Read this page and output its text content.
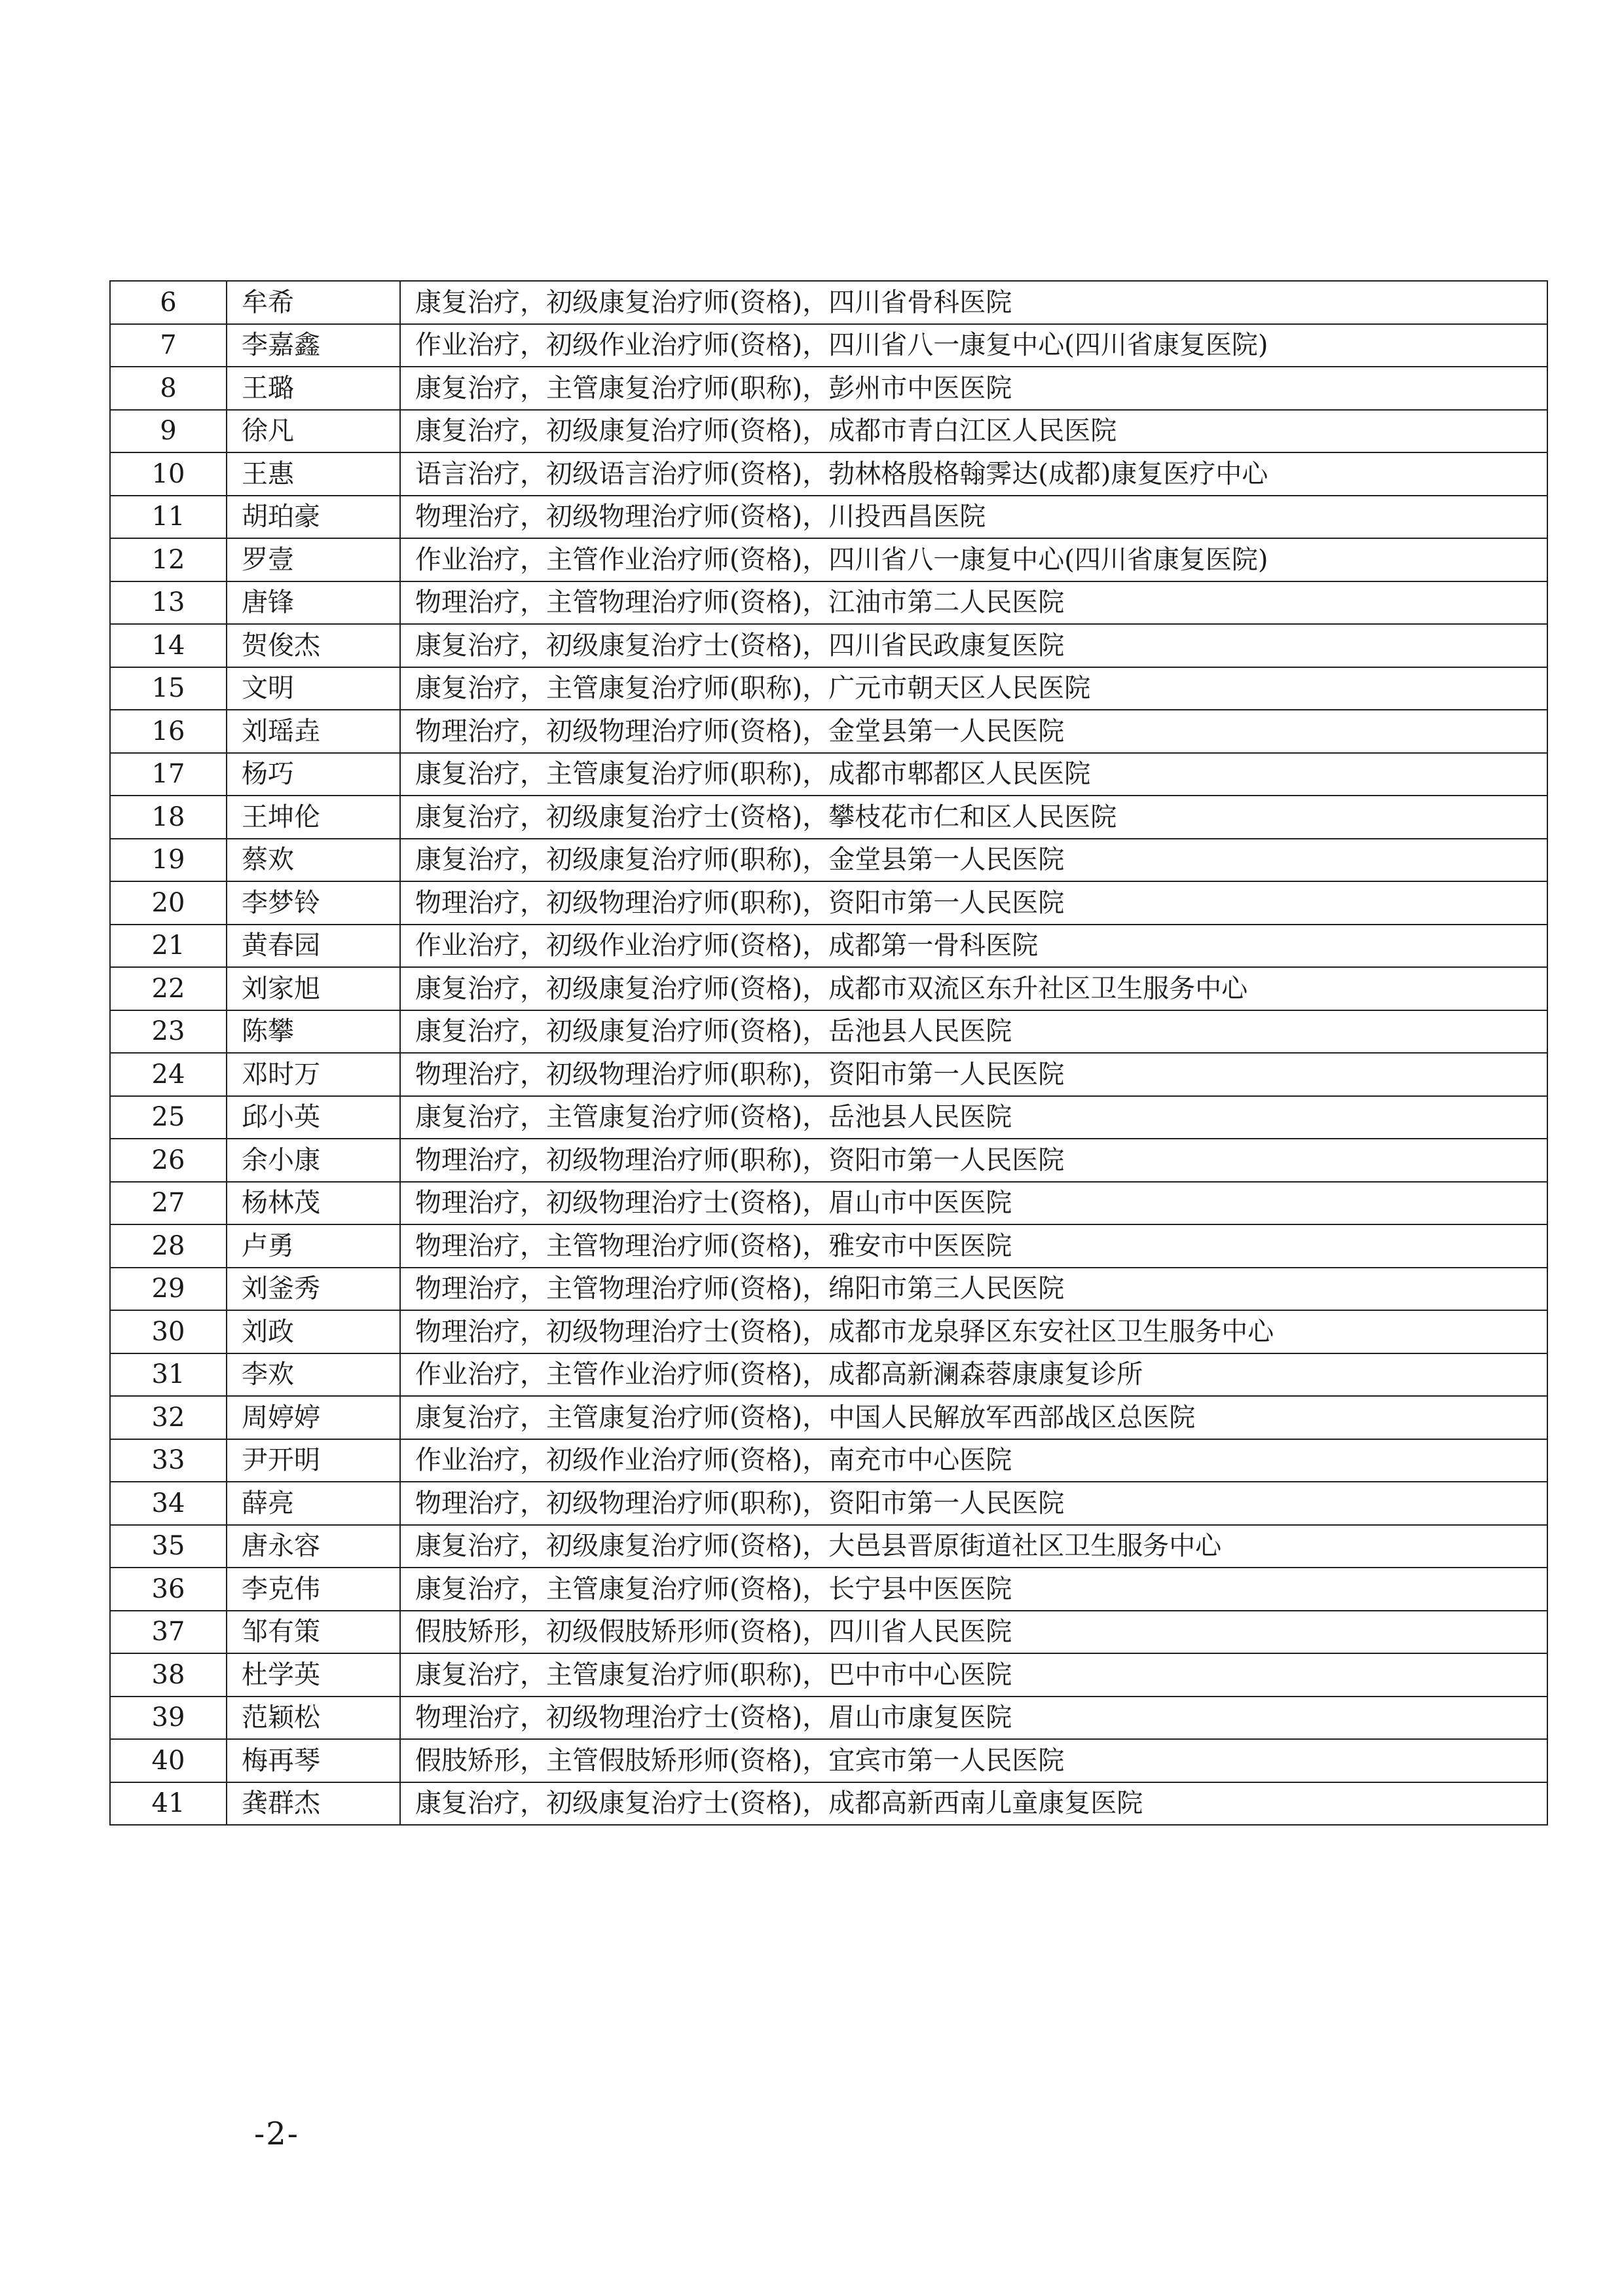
6	牟希	康复治疗，初级康复治疗师(资格)，四川省骨科医院
7	李嘉鑫	作业治疗，初级作业治疗师(资格)，四川省八一康复中心(四川省康复医院)
8	王璐	康复治疗，主管康复治疗师(职称)，彭州市中医医院
9	徐凡	康复治疗，初级康复治疗师(资格)，成都市青白江区人民医院
10	王惠	语言治疗，初级语言治疗师(资格)，勃林格殷格翰霁达(成都)康复医疗中心
11	胡珀豪	物理治疗，初级物理治疗师(资格)，川投西昌医院
12	罗壹	作业治疗，主管作业治疗师(资格)，四川省八一康复中心(四川省康复医院)
13	唐锋	物理治疗，主管物理治疗师(资格)，江油市第二人民医院
14	贺俊杰	康复治疗，初级康复治疗士(资格)，四川省民政康复医院
15	文明	康复治疗，主管康复治疗师(职称)，广元市朝天区人民医院
16	刘瑶垚	物理治疗，初级物理治疗师(资格)，金堂县第一人民医院
17	杨巧	康复治疗，主管康复治疗师(职称)，成都市郫都区人民医院
18	王坤伦	康复治疗，初级康复治疗士(资格)，攀枝花市仁和区人民医院
19	蔡欢	康复治疗，初级康复治疗师(职称)，金堂县第一人民医院
20	李梦铃	物理治疗，初级物理治疗师(职称)，资阳市第一人民医院
21	黄春园	作业治疗，初级作业治疗师(资格)，成都第一骨科医院
22	刘家旭	康复治疗，初级康复治疗师(资格)，成都市双流区东升社区卫生服务中心
23	陈攀	康复治疗，初级康复治疗师(资格)，岳池县人民医院
24	邓时万	物理治疗，初级物理治疗师(职称)，资阳市第一人民医院
25	邱小英	康复治疗，主管康复治疗师(资格)，岳池县人民医院
26	余小康	物理治疗，初级物理治疗师(职称)，资阳市第一人民医院
27	杨林茂	物理治疗，初级物理治疗士(资格)，眉山市中医医院
28	卢勇	物理治疗，主管物理治疗师(资格)，雅安市中医医院
29	刘釜秀	物理治疗，主管物理治疗师(资格)，绵阳市第三人民医院
30	刘政	物理治疗，初级物理治疗士(资格)，成都市龙泉驿区东安社区卫生服务中心
31	李欢	作业治疗，主管作业治疗师(资格)，成都高新澜森蓉康康复诊所
32	周婷婷	康复治疗，主管康复治疗师(资格)，中国人民解放军西部战区总医院
33	尹开明	作业治疗，初级作业治疗师(资格)，南充市中心医院
34	薛亮	物理治疗，初级物理治疗师(职称)，资阳市第一人民医院
35	唐永容	康复治疗，初级康复治疗师(资格)，大邑县晋原街道社区卫生服务中心
36	李克伟	康复治疗，主管康复治疗师(资格)，长宁县中医医院
37	邹有策	假肢矫形，初级假肢矫形师(资格)，四川省人民医院
38	杜学英	康复治疗，主管康复治疗师(职称)，巴中市中心医院
39	范颖松	物理治疗，初级物理治疗士(资格)，眉山市康复医院
40	梅再琴	假肢矫形，主管假肢矫形师(资格)，宜宾市第一人民医院
41	龚群杰	康复治疗，初级康复治疗士(资格)，成都高新西南儿童康复医院
-2-
